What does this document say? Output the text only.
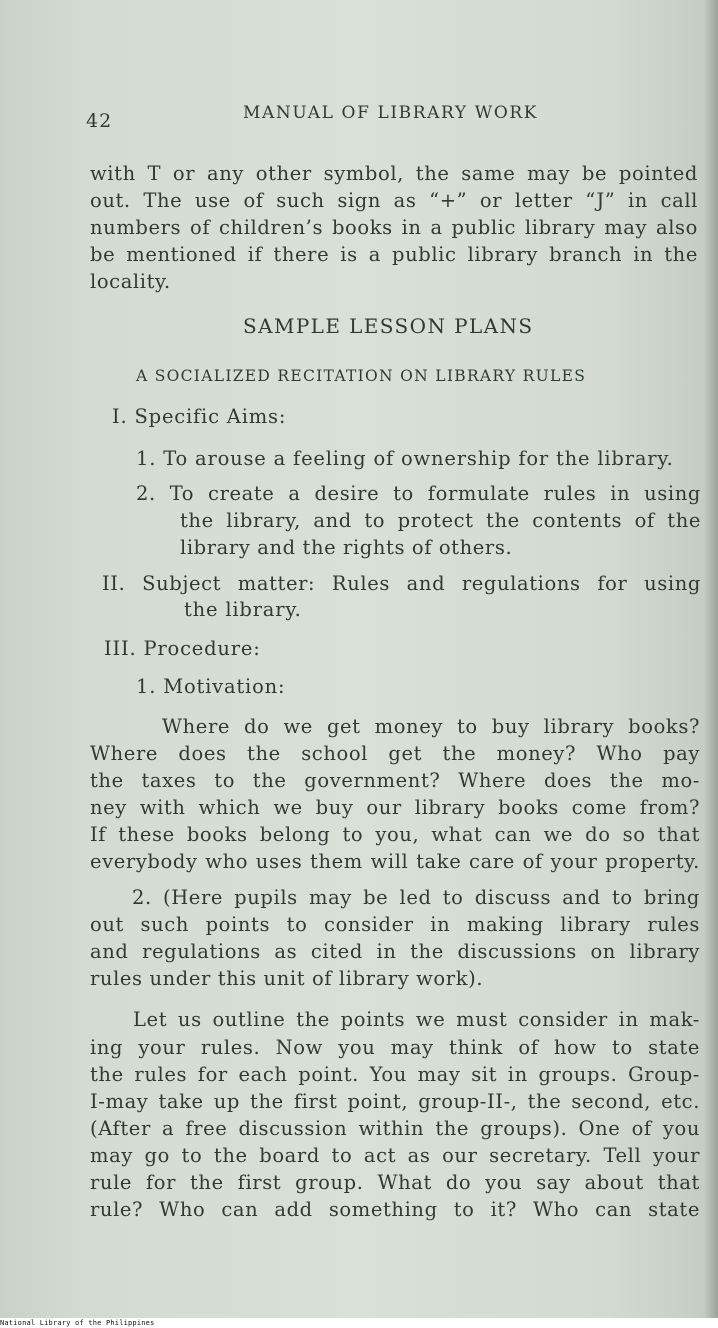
42	MANUAL OF LIBRARY WORK
with T or any other symbol, the same may be pointed
out. The use of such sign as “+” or letter “J” in call
numbers of children’s books in a public library may also
be mentioned if there is a public library branch in the
locality.
SAMPLE LESSON PLANS
A SOCIALIZED RECITATION ON LIBRARY RULES
I. Specific Aims:
1. To arouse a feeling of ownership for the library.
2. To create a desire to formulate rules in using
the library, and to protect the contents of the
library and the rights of others.
II. Subject matter: Rules and regulations for using
the library.
III. Procedure:
1. Motivation:
Where do we get money to buy library books?
Where does the school get the money? Who pay
the taxes to the government? Where does the mo-
ney with which we buy our library books come from?
If these books belong to you, what can we do so that
everybody who uses them will take care of your property.
2. (Here pupils may be led to discuss and to bring
out such points to consider in making library rules
and regulations as cited in the discussions on library
rules under this unit of library work).
Let us outline the points we must consider in mak-
ing your rules. Now you may think of how to state
the rules for each point. You may sit in groups. Group-
I-may take up the first point, group-II-, the second, etc.
(After a free discussion within the groups). One of you
may go to the board to act as our secretary. Tell your
rule for the first group. What do you say about that
rule? Who can add something to it? Who can state
National Library of the Philippines
